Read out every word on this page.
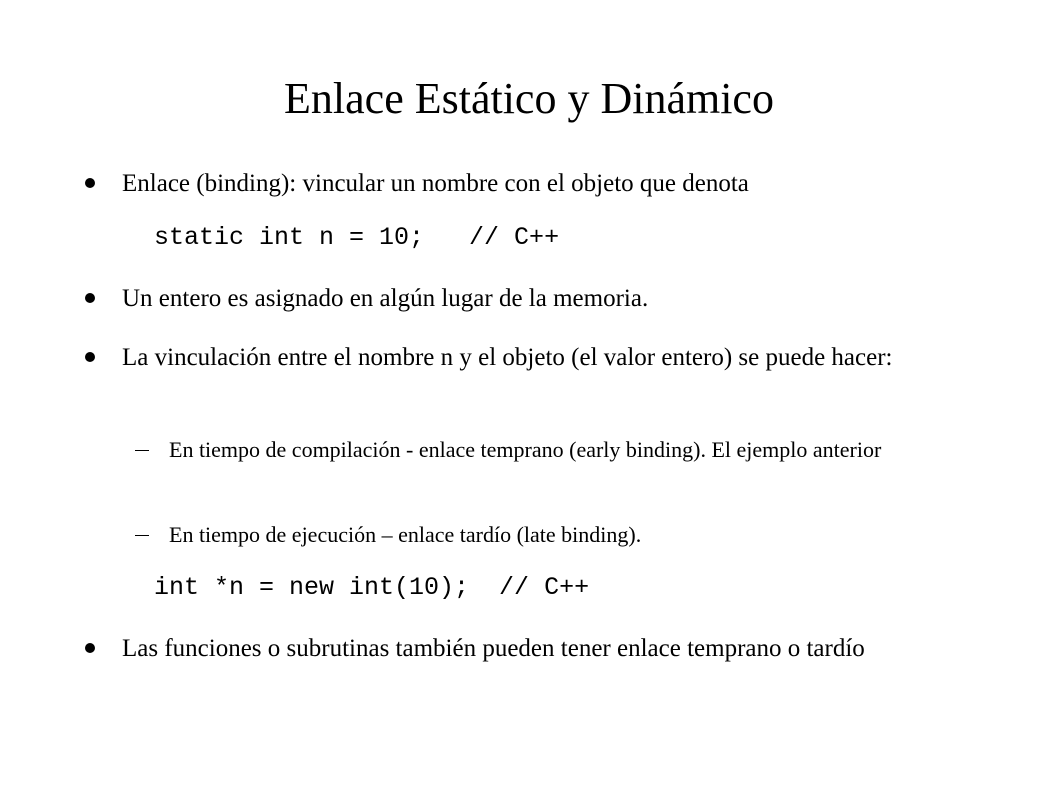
Enlace Estático y Dinámico
Enlace (binding): vincular un nombre con el objeto que denota
static int n = 10;   // C++
Un entero es asignado en algún lugar de la memoria.
La vinculación entre el nombre n y el objeto (el valor entero) se puede hacer:
En tiempo de compilación - enlace temprano (early binding). El ejemplo anterior
En tiempo de ejecución – enlace tardío (late binding).
int *n = new int(10);  // C++
Las funciones o subrutinas también pueden tener enlace temprano o tardío
